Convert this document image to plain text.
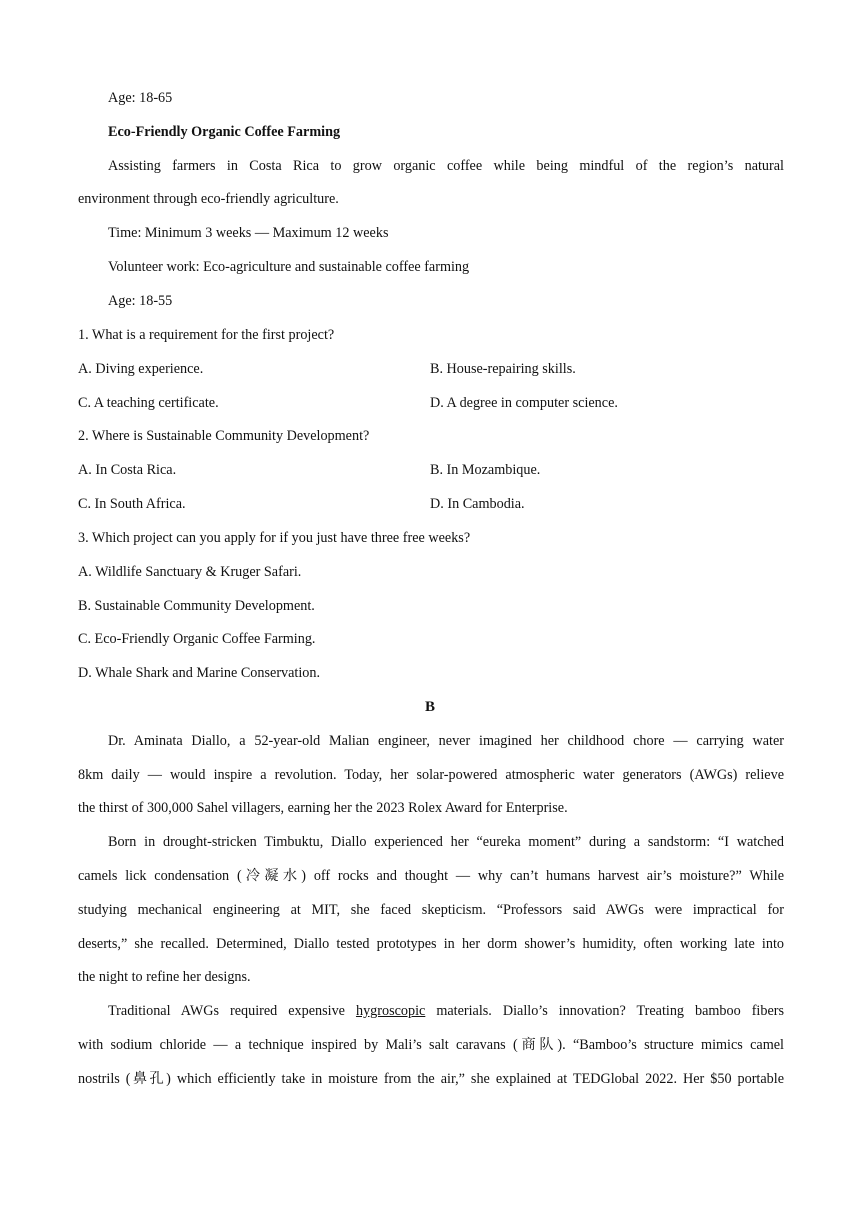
Age: 18-65
Eco-Friendly Organic Coffee Farming
Assisting farmers in Costa Rica to grow organic coffee while being mindful of the region’s natural
environment through eco-friendly agriculture.
Time: Minimum 3 weeks — Maximum 12 weeks
Volunteer work: Eco-agriculture and sustainable coffee farming
Age: 18-55
1. What is a requirement for the first project?
A. Diving experience.	B. House-repairing skills.
C. A teaching certificate.	D. A degree in computer science.
2. Where is Sustainable Community Development?
A. In Costa Rica.	B. In Mozambique.
C. In South Africa.	D. In Cambodia.
3. Which project can you apply for if you just have three free weeks?
A. Wildlife Sanctuary & Kruger Safari.
B. Sustainable Community Development.
C. Eco-Friendly Organic Coffee Farming.
D. Whale Shark and Marine Conservation.
B
Dr. Aminata Diallo, a 52-year-old Malian engineer, never imagined her childhood chore — carrying water
8km daily — would inspire a revolution. Today, her solar-powered atmospheric water generators (AWGs) relieve
the thirst of 300,000 Sahel villagers, earning her the 2023 Rolex Award for Enterprise.
Born in drought-stricken Timbuktu, Diallo experienced her “eureka moment” during a sandstorm: “I watched
camels lick condensation (冷凝水) off rocks and thought — why can’t humans harvest air’s moisture?” While
studying mechanical engineering at MIT, she faced skepticism. “Professors said AWGs were impractical for
deserts,” she recalled. Determined, Diallo tested prototypes in her dorm shower’s humidity, often working late into
the night to refine her designs.
Traditional AWGs required expensive hygroscopic materials. Diallo’s innovation? Treating bamboo fibers
with sodium chloride — a technique inspired by Mali’s salt caravans (商队). “Bamboo’s structure mimics camel
nostrils (鼻孔) which efficiently take in moisture from the air,” she explained at TEDGlobal 2022. Her $50 portable
